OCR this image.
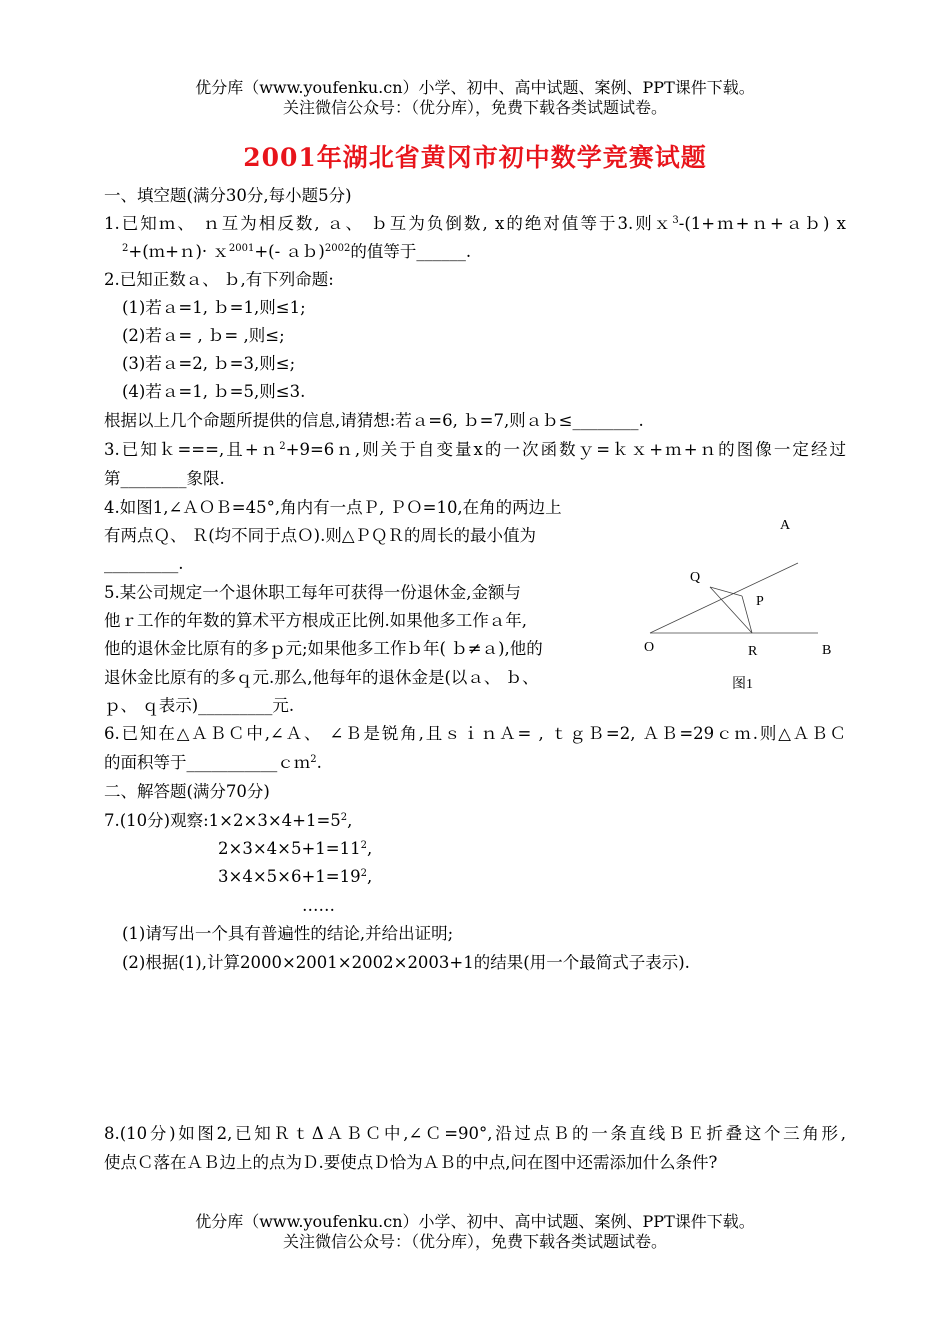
优分库（www.youfenku.cn）小学、初中、高中试题、案例、PPT课件下载。
关注微信公众号：（优分库），免费下载各类试题试卷。
2001年湖北省黄冈市初中数学竞赛试题
一、填空题(满分30分,每小题5分)
1.已知ｍ、 ｎ互为相反数, ａ、 ｂ互为负倒数, x的绝对值等于3.则ｘ$^3$-(1+ｍ+ｎ+ａｂ) x
$^2$+(ｍ+ｎ)· ｘ$^{2001}$+(- ａｂ)$^{2002}$的值等于______.
2.已知正数ａ、 ｂ,有下列命题:
(1)若ａ=1, ｂ=1,则≤1;
(2)若ａ= , ｂ= ,则≤;
(3)若ａ=2, ｂ=3,则≤;
(4)若ａ=1, ｂ=5,则≤3.
根据以上几个命题所提供的信息,请猜想:若ａ=6, ｂ=7,则ａｂ≤________.
3.已知ｋ===,且+ｎ$^2$+9=6ｎ,则关于自变量x的一次函数ｙ=ｋｘ+ｍ+ｎ的图像一定经过
第________象限.
4.如图1,∠ＡＯＢ=45°,角内有一点Ｐ, ＰＯ=10,在角的两边上
有两点Ｑ、 Ｒ(均不同于点Ｏ).则△ＰＱＲ的周长的最小值为
_________.
5.某公司规定一个退休职工每年可获得一份退休金,金额与
他ｒ工作的年数的算术平方根成正比例.如果他多工作ａ年,
他的退休金比原有的多ｐ元;如果他多工作ｂ年( ｂ≠ａ),他的
退休金比原有的多ｑ元.那么,他每年的退休金是(以ａ、 ｂ、
ｐ、 ｑ表示)_________元.
6.已知在△ＡＢＣ中,∠Ａ、 ∠Ｂ是锐角,且ｓｉｎＡ= , ｔｇＢ=2, ＡＢ=29ｃｍ.则△ＡＢＣ
的面积等于___________ｃｍ$^2$.
二、解答题(满分70分)
7.(10分)观察$:1\times 2\times 3\times 4+1=5^2$,
$2\times 3\times 4\times 5+1=11^2$,
$3\times 4\times 5\times 6+1=19^2$,
……
(1)请写出一个具有普遍性的结论,并给出证明;
(2)根据(1),计算2000×2001×2002×2003+1的结果(用一个最简式子表示).
8.(10分)如图2,已知ＲｔΔＡＢＣ中,∠Ｃ=90°,沿过点Ｂ的一条直线ＢＥ折叠这个三角形,
使点Ｃ落在ＡＢ边上的点为Ｄ.要使点Ｄ恰为ＡＢ的中点,问在图中还需添加什么条件?
A
Q
P
O	R	B
图1
优分库（www.youfenku.cn）小学、初中、高中试题、案例、PPT课件下载。
关注微信公众号：（优分库），免费下载各类试题试卷。
